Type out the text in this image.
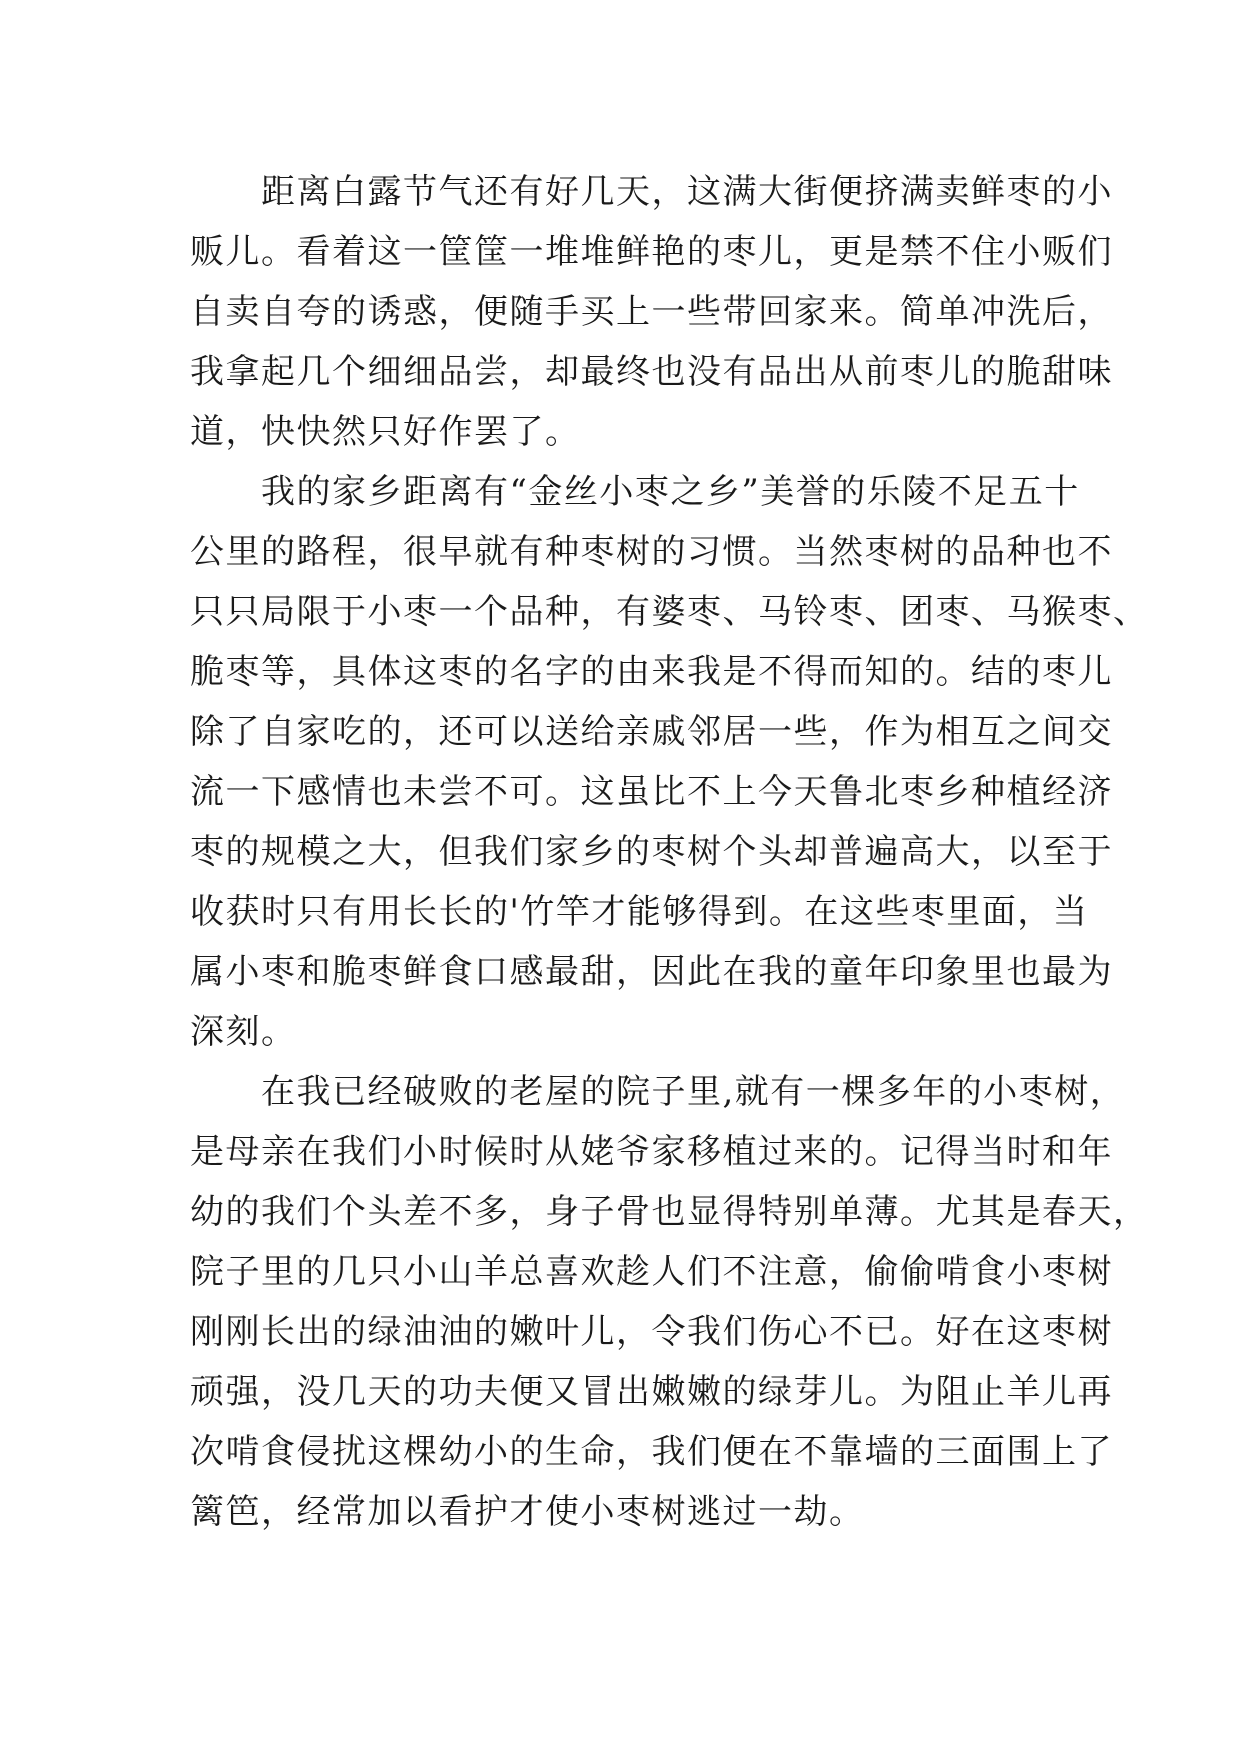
　　距离白露节气还有好几天，这满大街便挤满卖鲜枣的小

贩儿。看着这一筐筐一堆堆鲜艳的枣儿，更是禁不住小贩们

自卖自夸的诱惑，便随手买上一些带回家来。简单冲洗后，

我拿起几个细细品尝，却最终也没有品出从前枣儿的脆甜味

道，快快然只好作罢了。

　　我的家乡距离有“金丝小枣之乡”美誉的乐陵不足五十

公里的路程，很早就有种枣树的习惯。当然枣树的品种也不

只只局限于小枣一个品种，有婆枣、马铃枣、团枣、马猴枣、

脆枣等，具体这枣的名字的由来我是不得而知的。结的枣儿

除了自家吃的，还可以送给亲戚邻居一些，作为相互之间交

流一下感情也未尝不可。这虽比不上今天鲁北枣乡种植经济

枣的规模之大，但我们家乡的枣树个头却普遍高大，以至于

收获时只有用长长的'竹竿才能够得到。在这些枣里面，当

属小枣和脆枣鲜食口感最甜，因此在我的童年印象里也最为

深刻。

　　在我已经破败的老屋的院子里,就有一棵多年的小枣树，

是母亲在我们小时候时从姥爷家移植过来的。记得当时和年

幼的我们个头差不多，身子骨也显得特别单薄。尤其是春天，

院子里的几只小山羊总喜欢趁人们不注意，偷偷啃食小枣树

刚刚长出的绿油油的嫩叶儿，令我们伤心不已。好在这枣树

顽强，没几天的功夫便又冒出嫩嫩的绿芽儿。为阻止羊儿再

次啃食侵扰这棵幼小的生命，我们便在不靠墙的三面围上了

篱笆，经常加以看护才使小枣树逃过一劫。
